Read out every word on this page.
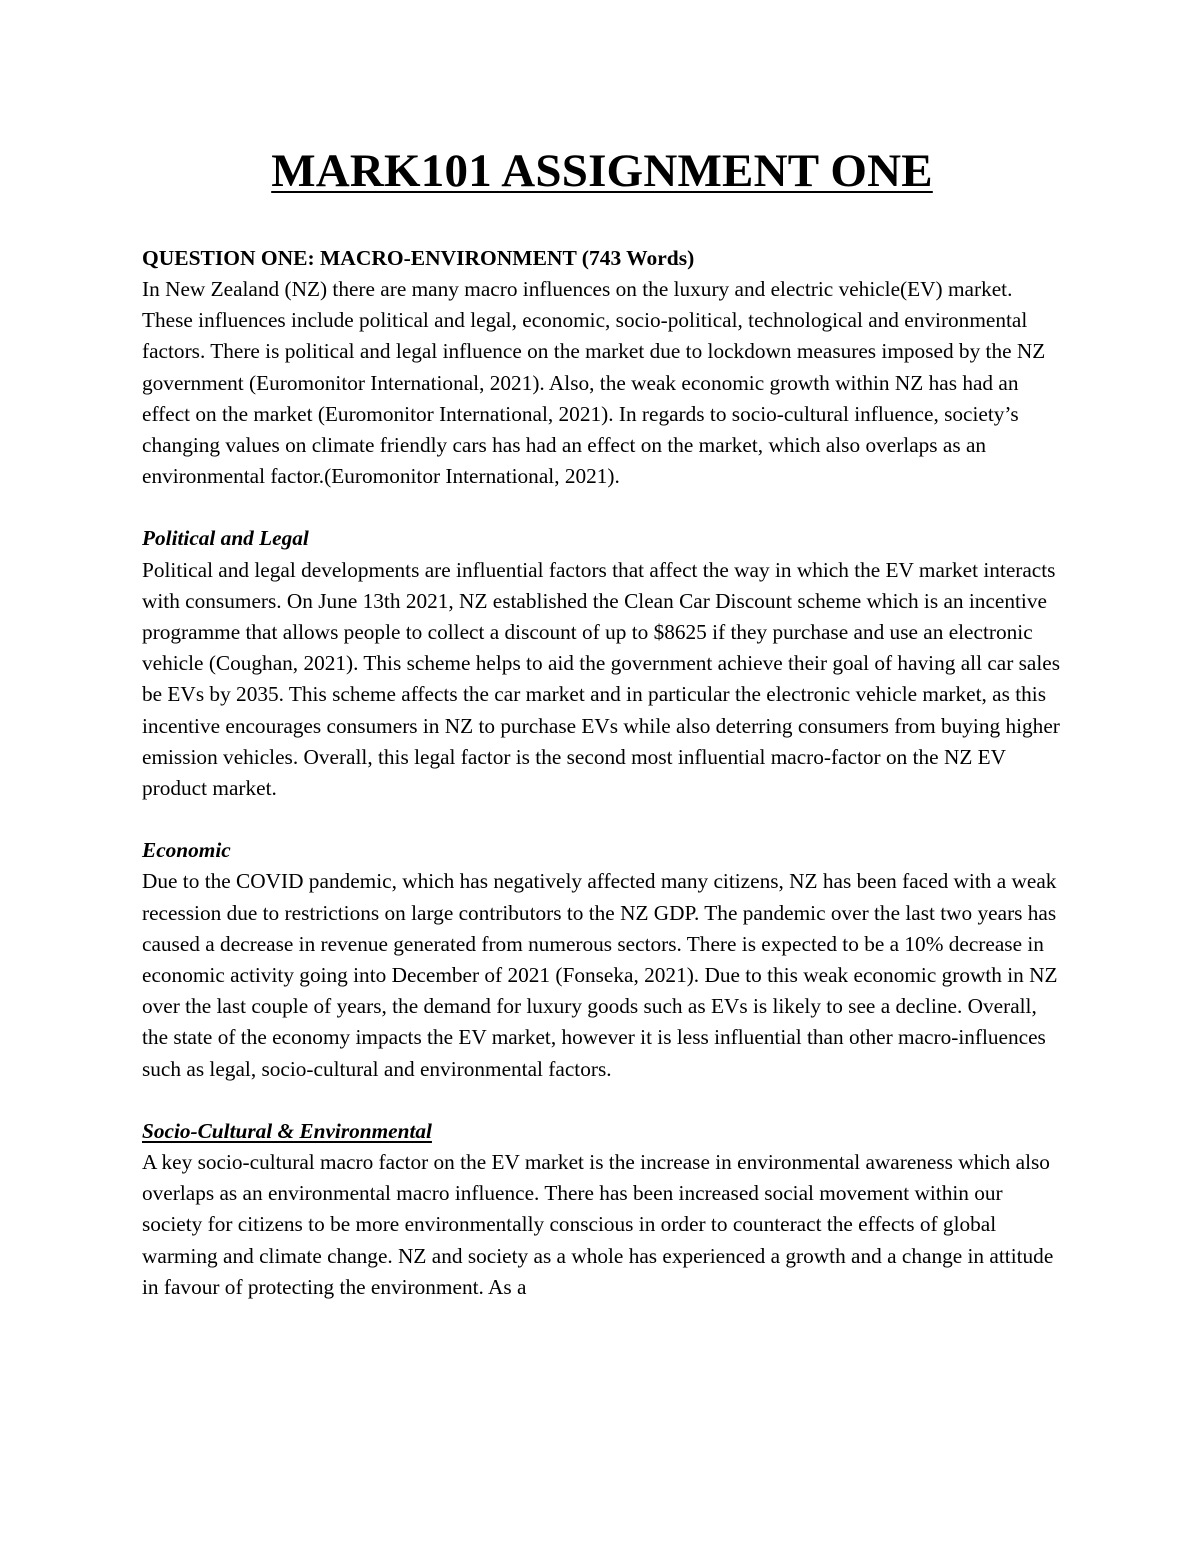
MARK101 ASSIGNMENT ONE
QUESTION ONE: MACRO-ENVIRONMENT (743 Words)

In New Zealand (NZ) there are many macro influences on the luxury and electric vehicle(EV) market. These influences include political and legal, economic, socio-political, technological and environmental factors. There is political and legal influence on the market due to lockdown measures imposed by the NZ government (Euromonitor International, 2021). Also, the weak economic growth within NZ has had an effect on the market (Euromonitor International, 2021). In regards to socio-cultural influence, society’s changing values on climate friendly cars has had an effect on the market, which also overlaps as an environmental factor.(Euromonitor International, 2021).

Political and Legal

Political and legal developments are influential factors that affect the way in which the EV market interacts with consumers. On June 13th 2021, NZ established the Clean Car Discount scheme which is an incentive programme that allows people to collect a discount of up to $8625 if they purchase and use an electronic vehicle (Coughan, 2021). This scheme helps to aid the government achieve their goal of having all car sales be EVs by 2035. This scheme affects the car market and in particular the electronic vehicle market, as this incentive encourages consumers in NZ to purchase EVs while also deterring consumers from buying higher emission vehicles. Overall, this legal factor is the second most influential macro-factor on the NZ EV product market.

Economic

Due to the COVID pandemic, which has negatively affected many citizens, NZ has been faced with a weak recession due to restrictions on large contributors to the NZ GDP. The pandemic over the last two years has caused a decrease in revenue generated from numerous sectors. There is expected to be a 10% decrease in economic activity going into December of 2021 (Fonseka, 2021). Due to this weak economic growth in NZ over the last couple of years, the demand for luxury goods such as EVs is likely to see a decline. Overall, the state of the economy impacts the EV market, however it is less influential than other macro-influences such as legal, socio-cultural and environmental factors.

Socio-Cultural & Environmental

A key socio-cultural macro factor on the EV market is the increase in environmental awareness which also overlaps as an environmental macro influence. There has been increased social movement within our society for citizens to be more environmentally conscious in order to counteract the effects of global warming and climate change. NZ and society as a whole has experienced a growth and a change in attitude in favour of protecting the environment. As a
